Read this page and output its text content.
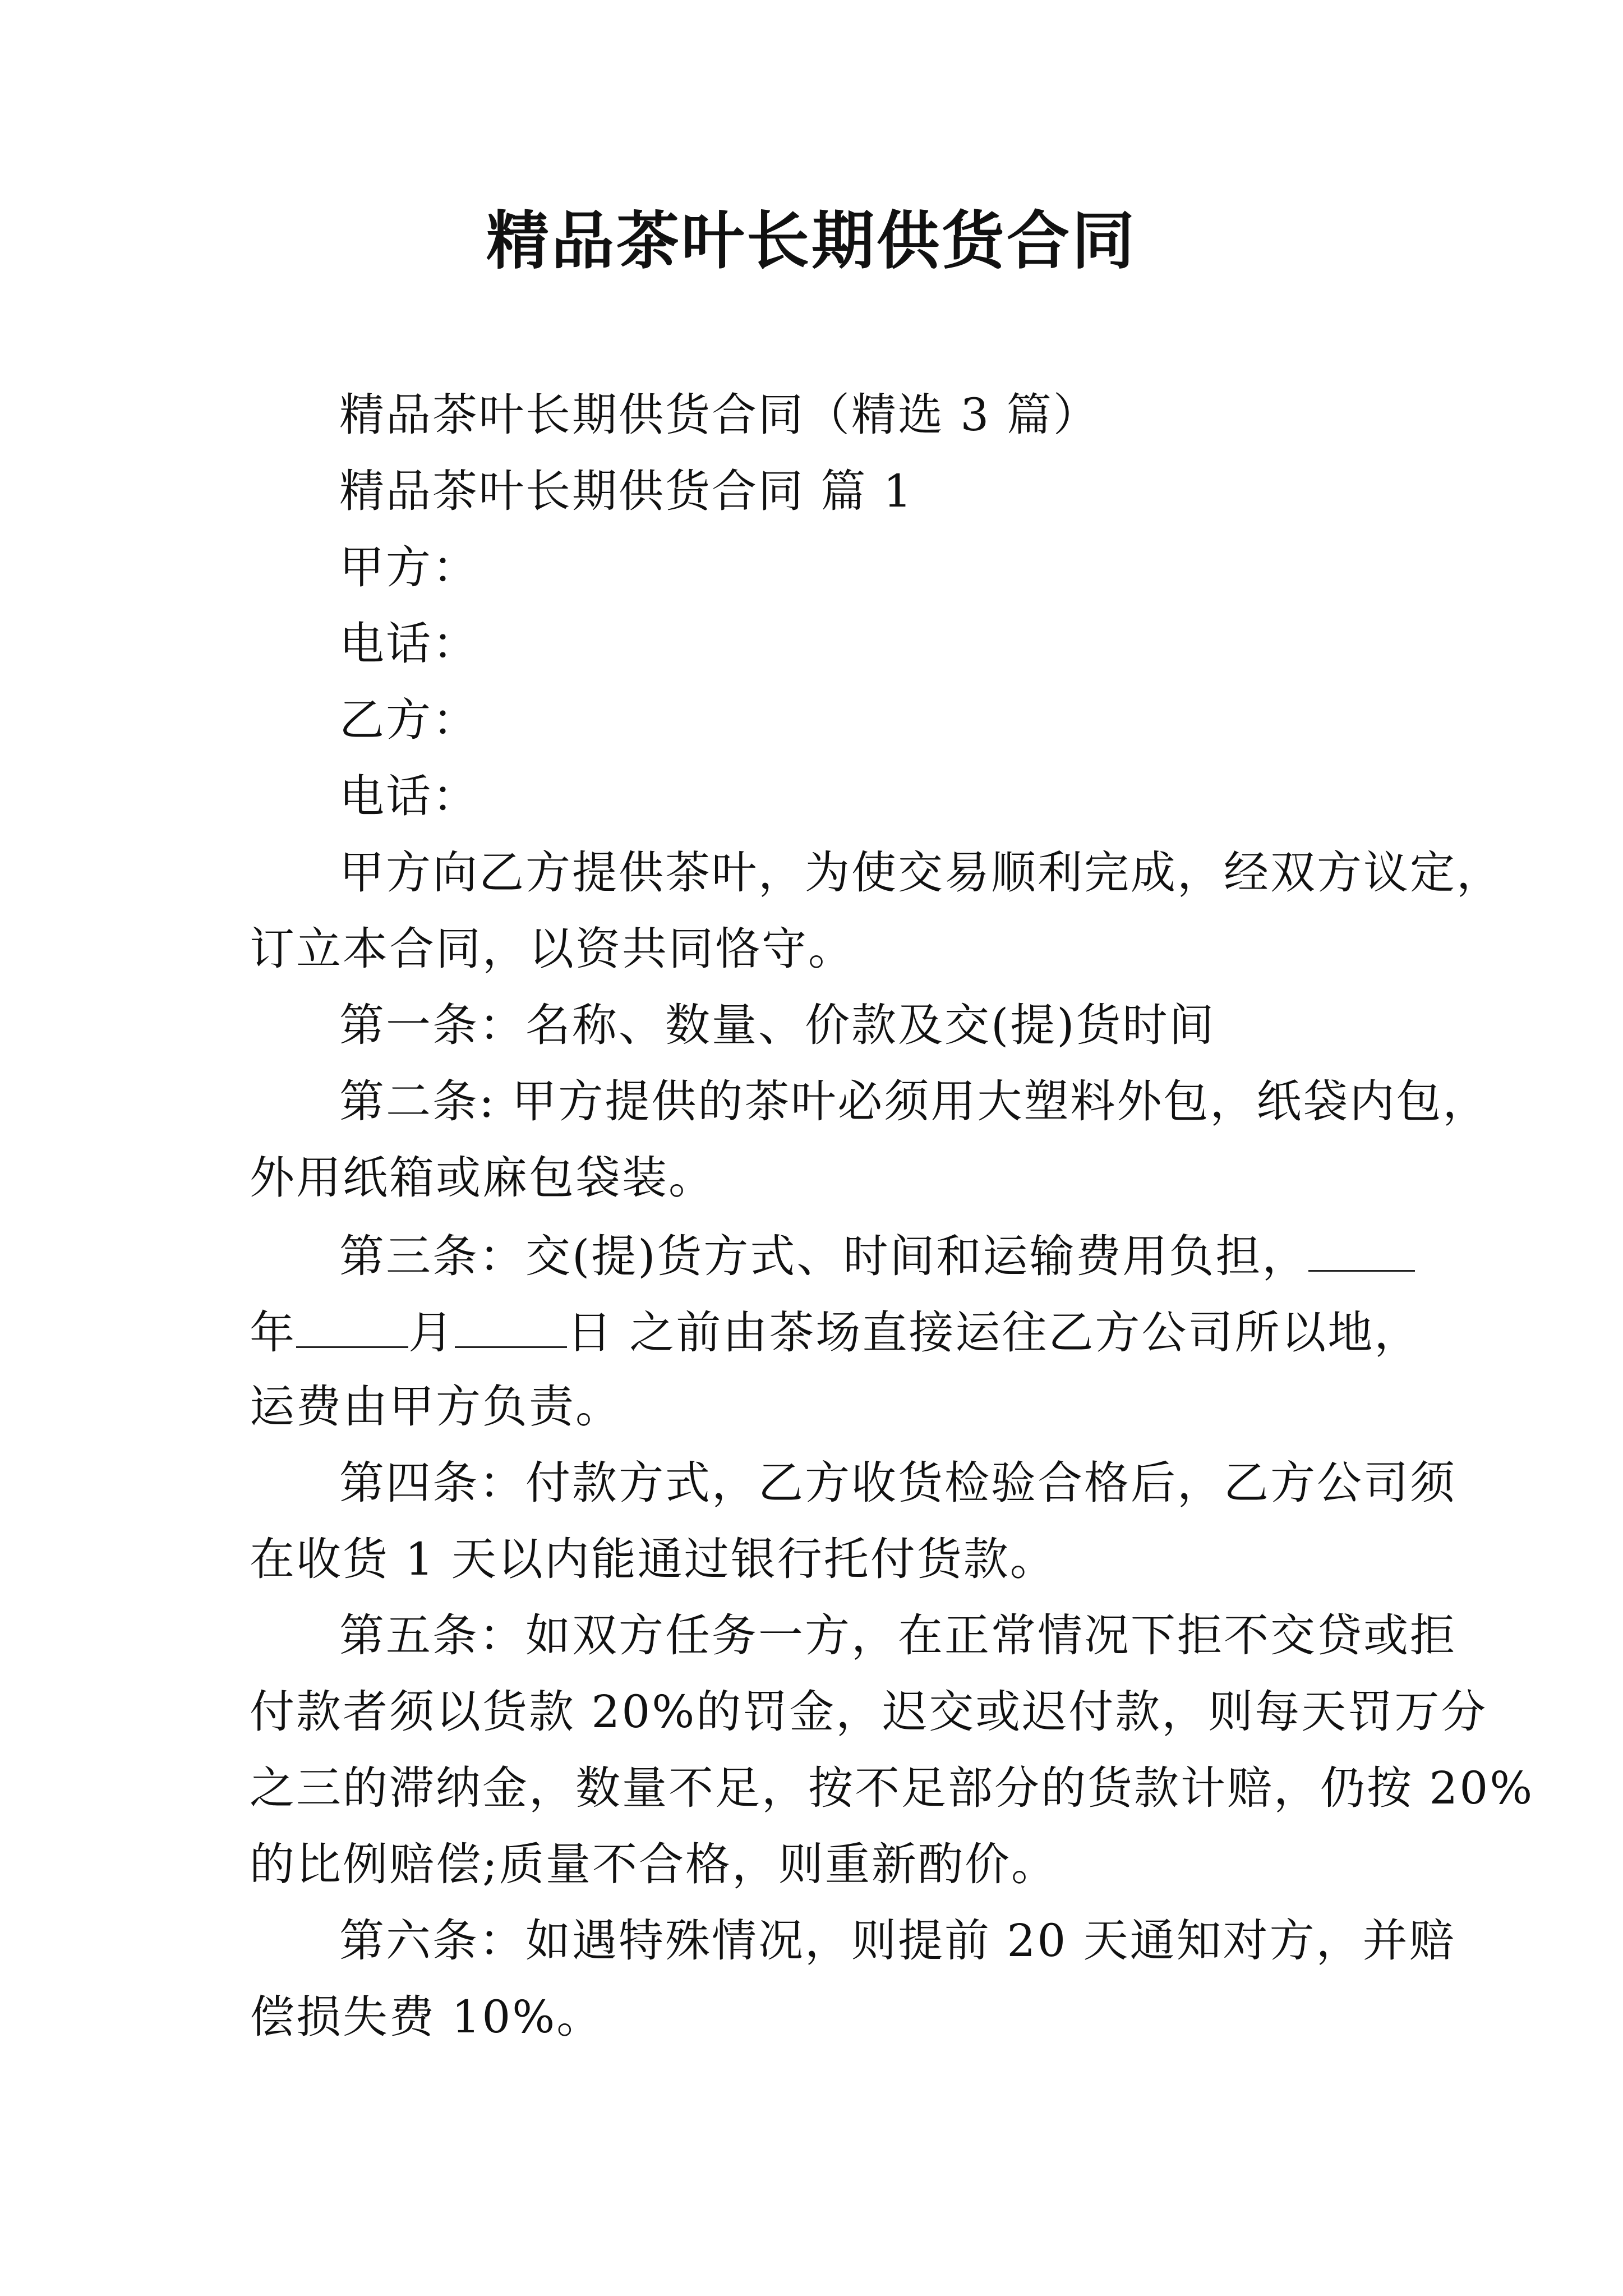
精品茶叶长期供货合同
精品茶叶长期供货合同（精选 3 篇）
精品茶叶长期供货合同 篇 1
甲方：
电话：
乙方：
电话：
甲方向乙方提供茶叶，为使交易顺利完成，经双方议定，
订立本合同，以资共同恪守。
第一条：名称、数量、价款及交(提)货时间
第二条: 甲方提供的茶叶必须用大塑料外包，纸袋内包，
外用纸箱或麻包袋装。
第三条：交(提)货方式、时间和运输费用负担，
年	月	日 之前由茶场直接运往乙方公司所以地，
运费由甲方负责。
第四条：付款方式，乙方收货检验合格后，乙方公司须
在收货 1 天以内能通过银行托付货款。
第五条：如双方任务一方，在正常情况下拒不交贷或拒
付款者须以货款 20%的罚金，迟交或迟付款，则每天罚万分
之三的滞纳金，数量不足，按不足部分的货款计赔，仍按 20%
的比例赔偿;质量不合格，则重新酌价。
第六条：如遇特殊情况，则提前 20 天通知对方，并赔
偿损失费 10%。
